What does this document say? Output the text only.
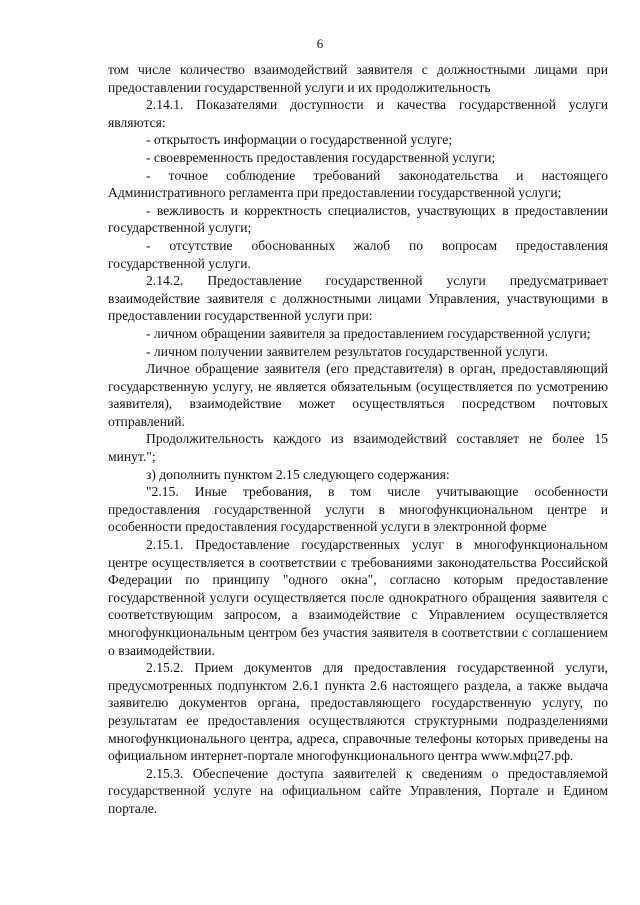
6

том числе количество взаимодействий заявителя с должностными лицами при предоставлении государственной услуги и их продолжительность

2.14.1. Показателями доступности и качества государственной услуги являются:

- открытость информации о государственной услуге;

- своевременность предоставления государственной услуги;

- точное соблюдение требований законодательства и настоящего Административного регламента при предоставлении государственной услуги;

- вежливость и корректность специалистов, участвующих в предоставлении государственной услуги;

- отсутствие обоснованных жалоб по вопросам предоставления государственной услуги.

2.14.2. Предоставление государственной услуги предусматривает взаимодействие заявителя с должностными лицами Управления, участвующими в предоставлении государственной услуги при:

- личном обращении заявителя за предоставлением государственной услуги;

- личном получении заявителем результатов государственной услуги.

Личное обращение заявителя (его представителя) в орган, предоставляющий государственную услугу, не является обязательным (осуществляется по усмотрению заявителя), взаимодействие может осуществляться посредством почтовых отправлений.

Продолжительность каждого из взаимодействий составляет не более 15 минут.";

з) дополнить пунктом 2.15 следующего содержания:

"2.15. Иные требования, в том числе учитывающие особенности предоставления государственной услуги в многофункциональном центре и особенности предоставления государственной услуги в электронной форме

2.15.1. Предоставление государственных услуг в многофункциональном центре осуществляется в соответствии с требованиями законодательства Российской Федерации по принципу "одного окна", согласно которым предоставление государственной услуги осуществляется после однократного обращения заявителя с соответствующим запросом, а взаимодействие с Управлением осуществляется многофункциональным центром без участия заявителя в соответствии с соглашением о взаимодействии.

2.15.2. Прием документов для предоставления государственной услуги, предусмотренных подпунктом 2.6.1 пункта 2.6 настоящего раздела, а также выдача заявителю документов органа, предоставляющего государственную услугу, по результатам ее предоставления осуществляются структурными подразделениями многофункционального центра, адреса, справочные телефоны которых приведены на официальном интернет-портале многофункционального центра www.мфц27.рф.

2.15.3. Обеспечение доступа заявителей к сведениям о предоставляемой государственной услуге на официальном сайте Управления, Портале и Едином портале.
